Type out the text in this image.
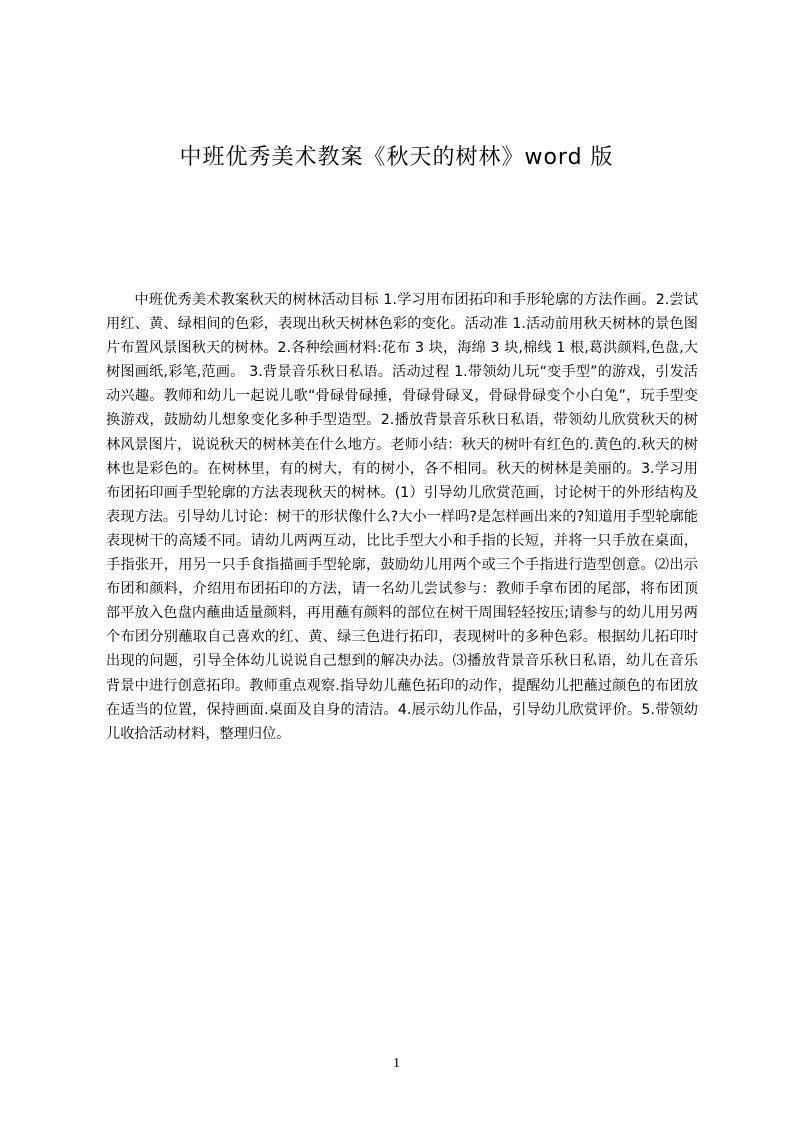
中班优秀美术教案《秋天的树林》word 版

中班优秀美术教案秋天的树林活动目标 1.学习用布团拓印和手形轮廓的方法作画。2.尝试用红、黄、绿相间的色彩，表现出秋天树林色彩的变化。活动准 1.活动前用秋天树林的景色图片布置风景图秋天的树林。2.各种绘画材料:花布 3 块，海绵 3 块,棉线 1 根,葛洪颜料,色盘,大树图画纸,彩笔,范画。 3.背景音乐秋日私语。活动过程 1.带领幼儿玩“变手型”的游戏，引发活动兴趣。教师和幼儿一起说儿歌“骨碌骨碌捶，骨碌骨碌叉，骨碌骨碌变个小白兔”，玩手型变换游戏，鼓励幼儿想象变化多种手型造型。2.播放背景音乐秋日私语，带领幼儿欣赏秋天的树林风景图片，说说秋天的树林美在什么地方。老师小结：秋天的树叶有红色的.黄色的.秋天的树林也是彩色的。在树林里，有的树大，有的树小，各不相同。秋天的树林是美丽的。3.学习用布团拓印画手型轮廓的方法表现秋天的树林。(1）引导幼儿欣赏范画，讨论树干的外形结构及表现方法。引导幼儿讨论：树干的形状像什么?大小一样吗?是怎样画出来的?知道用手型轮廓能表现树干的高矮不同。请幼儿两两互动，比比手型大小和手指的长短，并将一只手放在桌面，手指张开，用另一只手食指描画手型轮廓，鼓励幼儿用两个或三个手指进行造型创意。⑵出示布团和颜料，介绍用布团拓印的方法，请一名幼儿尝试参与：教师手拿布团的尾部，将布团顶部平放入色盘内蘸曲适量颜料，再用蘸有颜料的部位在树干周围轻轻按压;请参与的幼儿用另两个布团分别蘸取自己喜欢的红、黄、绿三色进行拓印，表现树叶的多种色彩。根据幼儿拓印时出现的问题，引导全体幼儿说说自己想到的解决办法。⑶播放背景音乐秋日私语，幼儿在音乐背景中进行创意拓印。教师重点观察.指导幼儿蘸色拓印的动作，提醒幼儿把蘸过颜色的布团放在适当的位置，保持画面.桌面及自身的清洁。4.展示幼儿作品，引导幼儿欣赏评价。5.带领幼儿收拾活动材料，整理归位。

1
